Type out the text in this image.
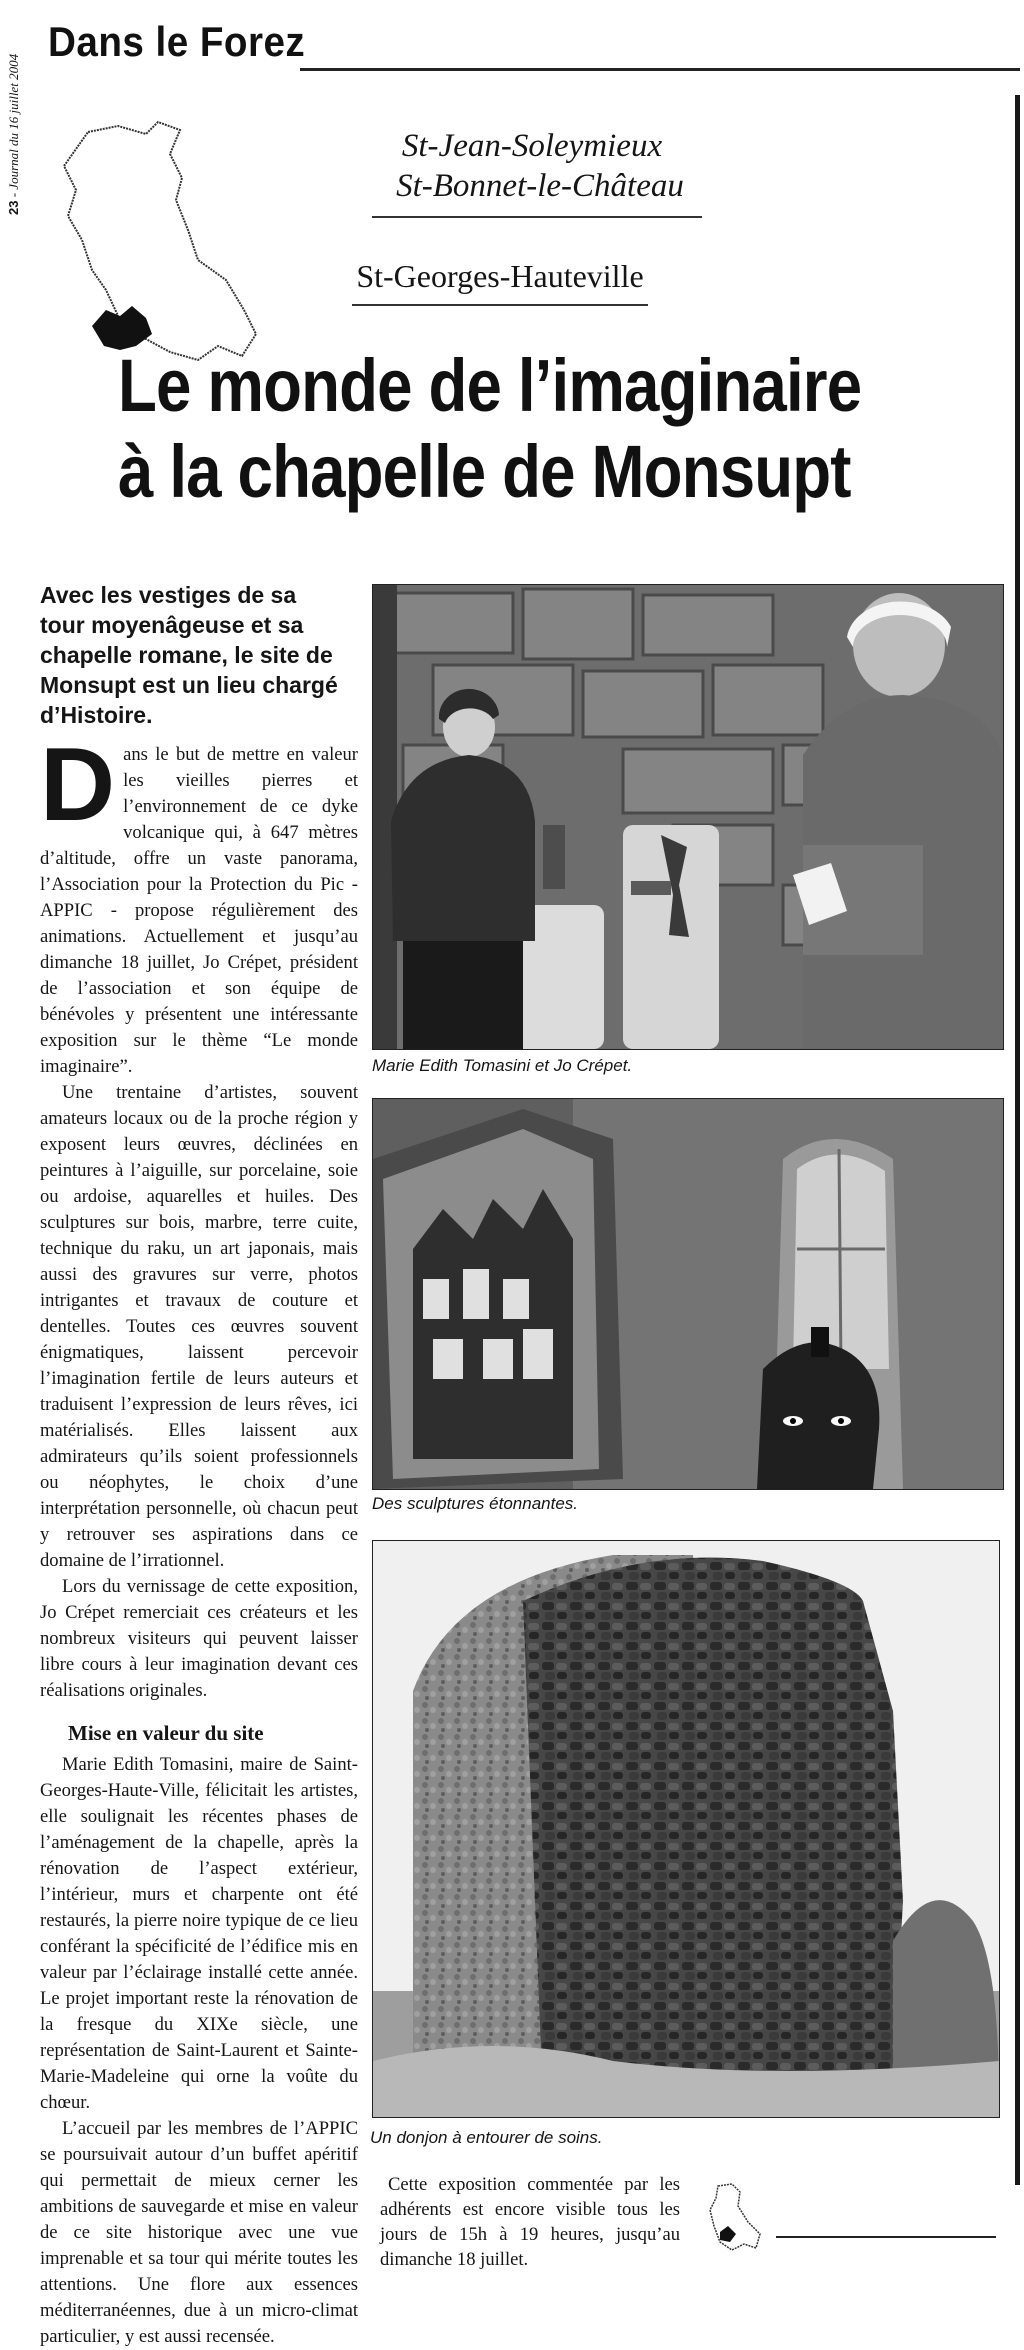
23 - Journal du 16 juillet 2004
Dans le Forez
St-Jean-Soleymieux
St-Bonnet-le-Château
St-Georges-Hauteville
Le monde de l’imaginaire
à la chapelle de Monsupt
Avec les vestiges de sa tour moyenâgeuse et sa chapelle romane, le site de Monsupt est un lieu chargé d’Histoire.

Dans le but de mettre en valeur les vieilles pierres et l’environnement de ce dyke volcanique qui, à 647 mètres d’altitude, offre un vaste panorama, l’Association pour la Protection du Pic - APPIC - propose régulièrement des animations. Actuellement et jusqu’au dimanche 18 juillet, Jo Crépet, président de l’association et son équipe de bénévoles y présentent une intéressante exposition sur le thème “Le monde imaginaire”.

Une trentaine d’artistes, souvent amateurs locaux ou de la proche région y exposent leurs œuvres, déclinées en peintures à l’aiguille, sur porcelaine, soie ou ardoise, aquarelles et huiles. Des sculptures sur bois, marbre, terre cuite, technique du raku, un art japonais, mais aussi des gravures sur verre, photos intrigantes et travaux de couture et dentelles. Toutes ces œuvres souvent énigmatiques, laissent percevoir l’imagination fertile de leurs auteurs et traduisent l’expression de leurs rêves, ici matérialisés. Elles laissent aux admirateurs qu’ils soient professionnels ou néophytes, le choix d’une interprétation personnelle, où chacun peut y retrouver ses aspirations dans ce domaine de l’irrationnel.

Lors du vernissage de cette exposition, Jo Crépet remerciait ces créateurs et les nombreux visiteurs qui peuvent laisser libre cours à leur imagination devant ces réalisations originales.

Mise en valeur du site

Marie Edith Tomasini, maire de Saint-Georges-Haute-Ville, félicitait les artistes, elle soulignait les récentes phases de l’aménagement de la chapelle, après la rénovation de l’aspect extérieur, l’intérieur, murs et charpente ont été restaurés, la pierre noire typique de ce lieu conférant la spécificité de l’édifice mis en valeur par l’éclairage installé cette année. Le projet important reste la rénovation de la fresque du XIXe siècle, une représentation de Saint-Laurent et Sainte-Marie-Madeleine qui orne la voûte du chœur.

L’accueil par les membres de l’APPIC se poursuivait autour d’un buffet apéritif qui permettait de mieux cerner les ambitions de sauvegarde et mise en valeur de ce site historique avec une vue imprenable et sa tour qui mérite toutes les attentions. Une flore aux essences méditerranéennes, due à un micro-climat particulier, y est aussi recensée.

Marie Edith Tomasini et Jo Crépet.
Des sculptures étonnantes.
Un donjon à entourer de soins.
Cette exposition commentée par les adhérents est encore visible tous les jours de 15h à 19 heures, jusqu’au dimanche 18 juillet.
